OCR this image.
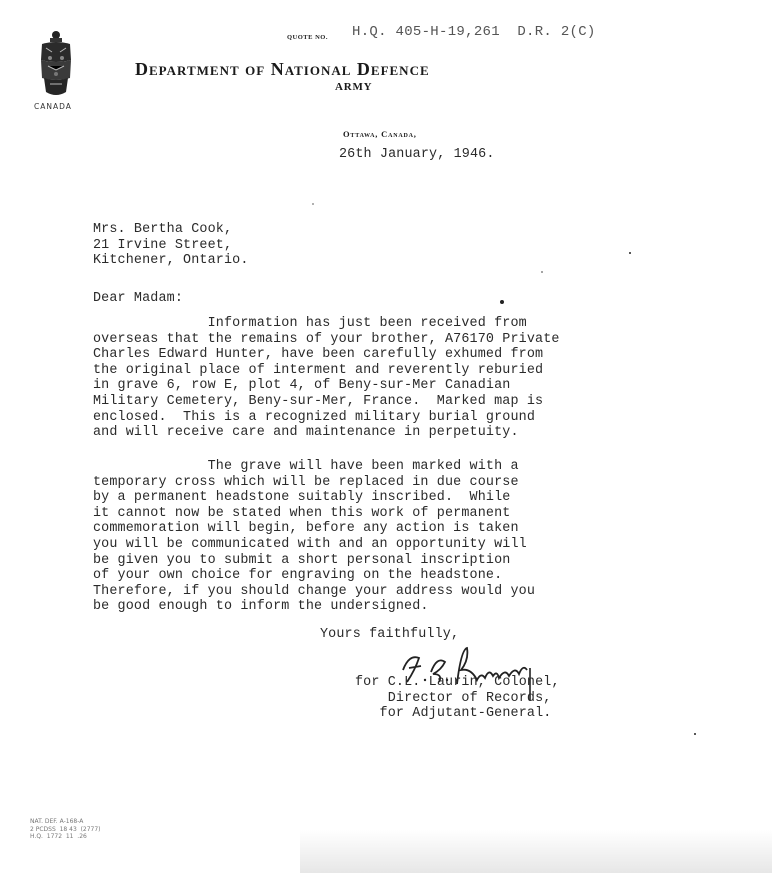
CANADA
QUOTE NO. H.Q. 405-H-19,261  D.R. 2(C)
Department of National Defence
ARMY
Ottawa, Canada,
26th January, 1946.
Mrs. Bertha Cook,
21 Irvine Street,
Kitchener, Ontario.
Dear Madam:
Information has just been received from
overseas that the remains of your brother, A76170 Private
Charles Edward Hunter, have been carefully exhumed from
the original place of interment and reverently reburied
in grave 6, row E, plot 4, of Beny-sur-Mer Canadian
Military Cemetery, Beny-sur-Mer, France.  Marked map is
enclosed.  This is a recognized military burial ground
and will receive care and maintenance in perpetuity.
The grave will have been marked with a
temporary cross which will be replaced in due course
by a permanent headstone suitably inscribed.  While
it cannot now be stated when this work of permanent
commemoration will begin, before any action is taken
you will be communicated with and an opportunity will
be given you to submit a short personal inscription
of your own choice for engraving on the headstone.
Therefore, if you should change your address would you
be good enough to inform the undersigned.
Yours faithfully,
for C.L. Laurin, Colonel,
Director of Records,
for Adjutant-General.
NAT. DEF. A-168-A
2 PCDSS  18 43  (2777)
H.Q.  1772  11  .26
